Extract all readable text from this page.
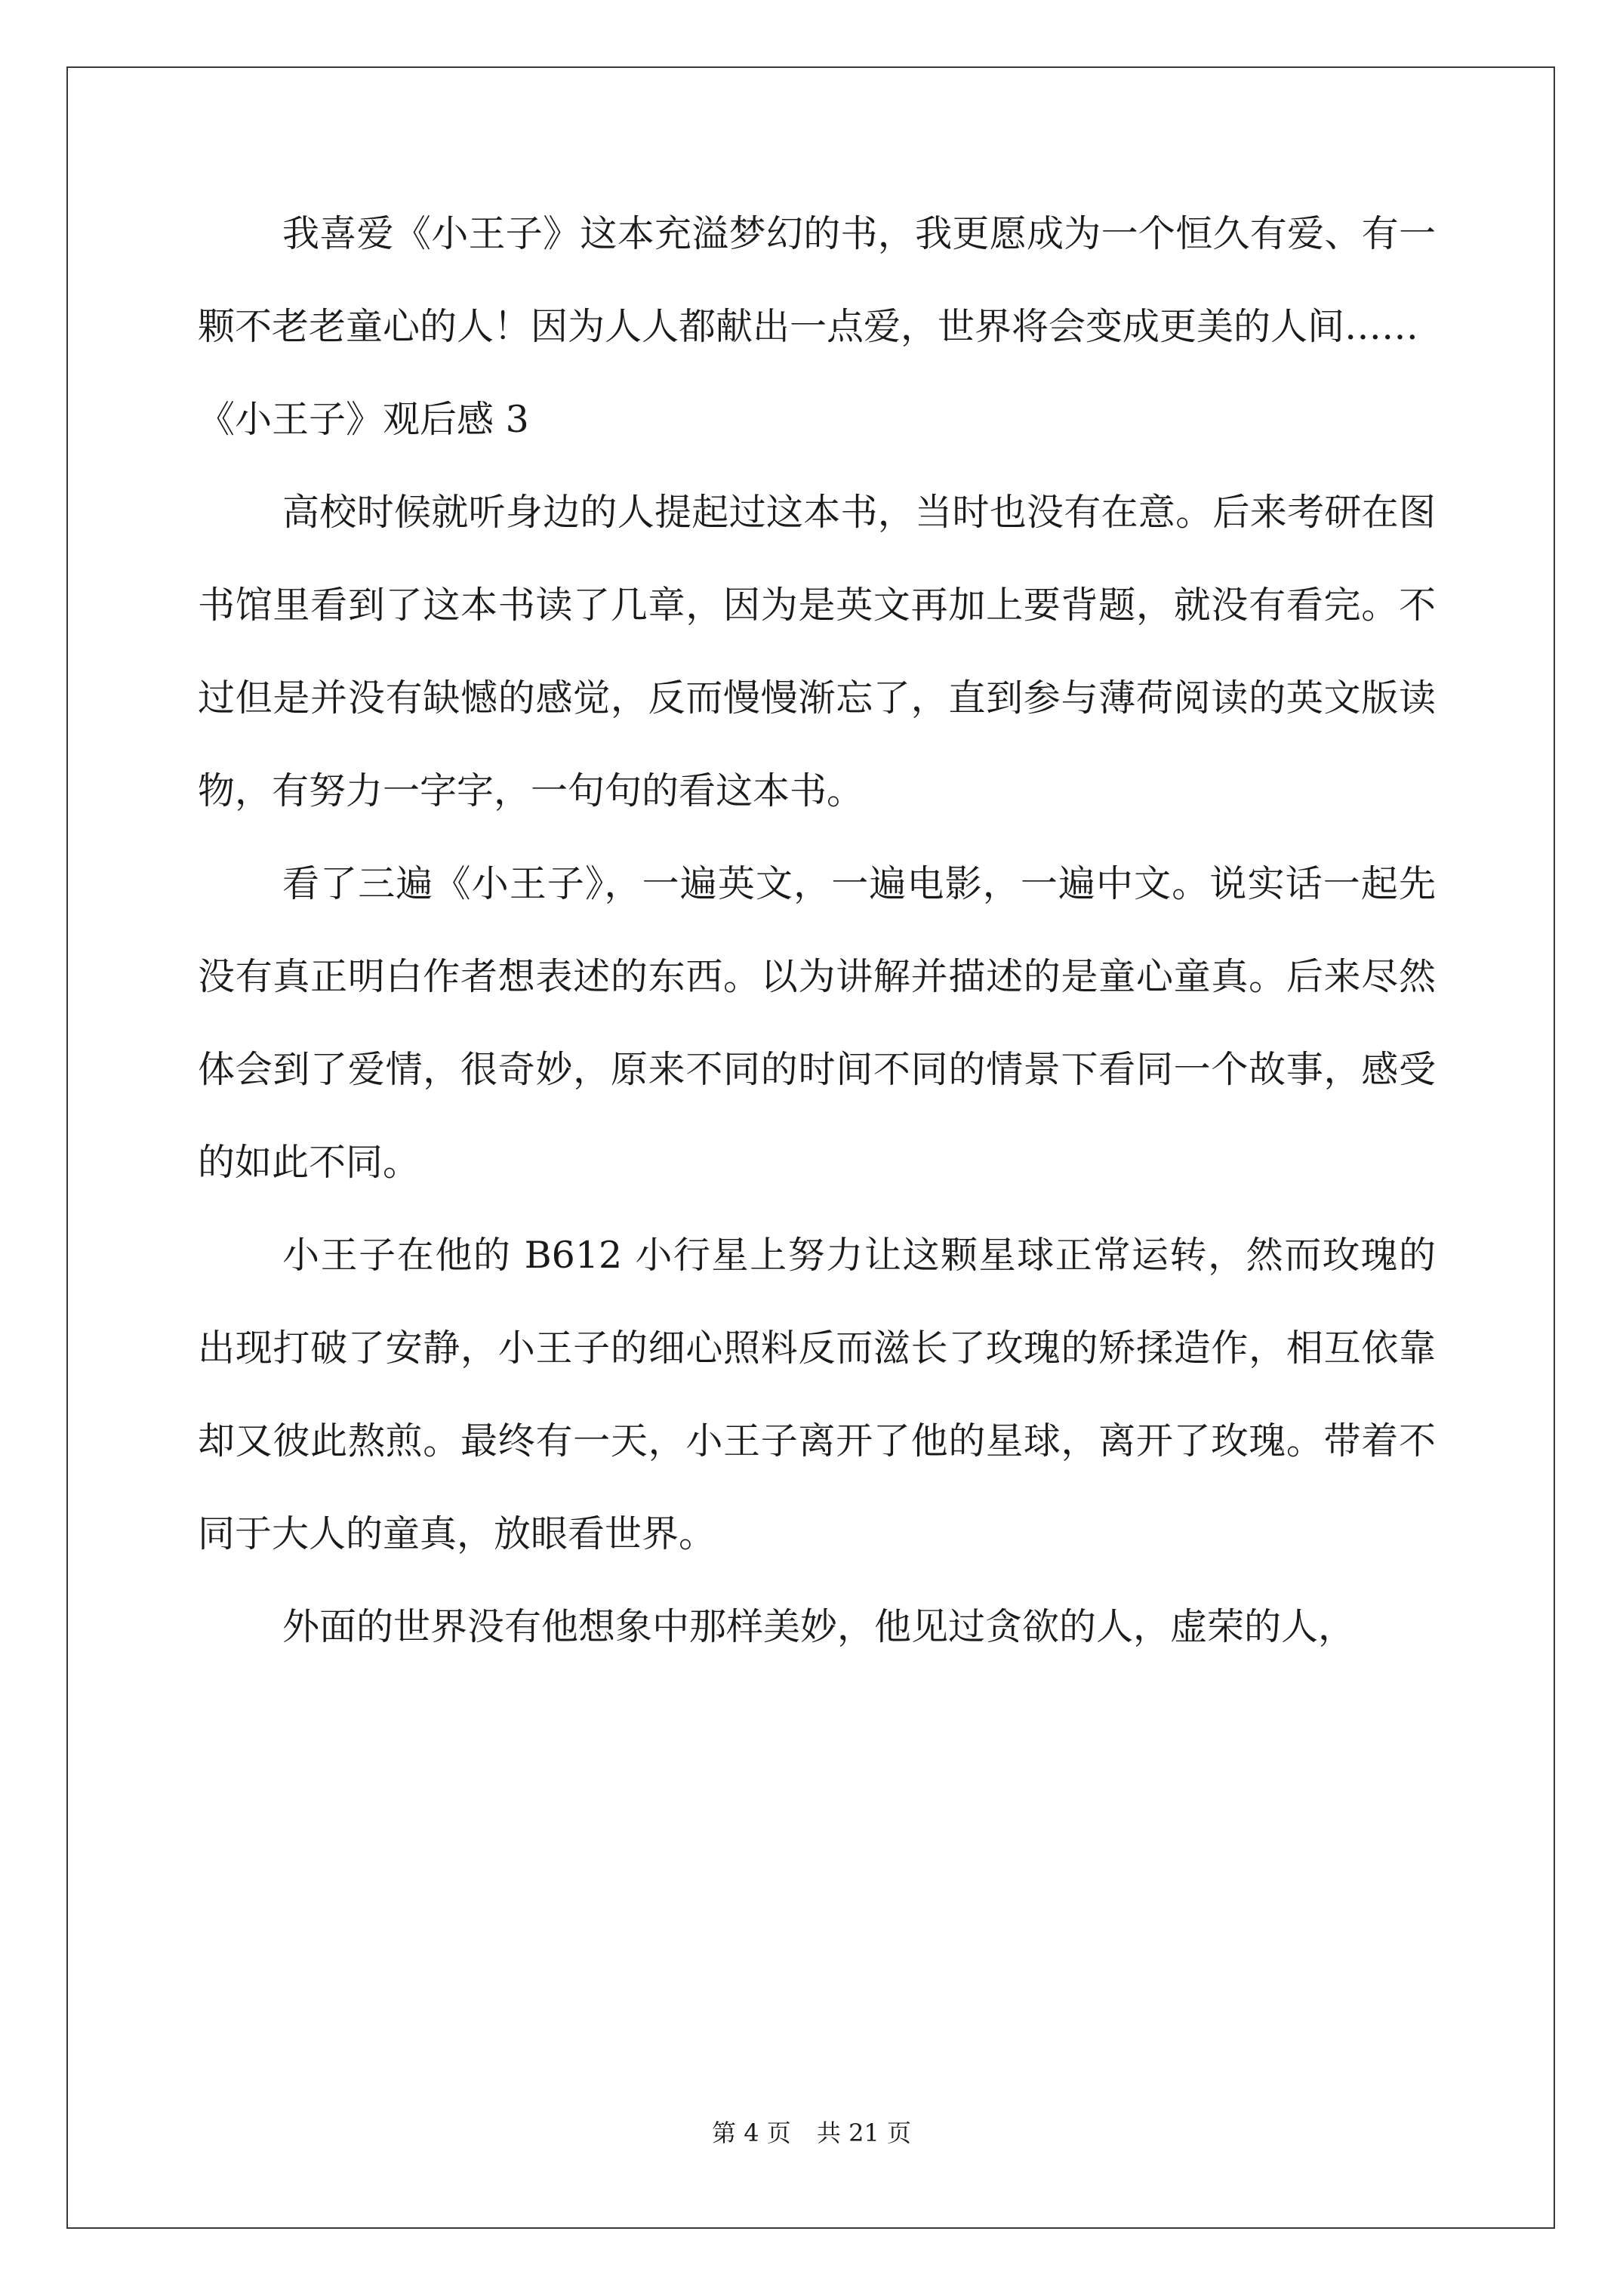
我喜爱《小王子》这本充溢梦幻的书，我更愿成为一个恒久有爱、有一颗不老老童心的人！因为人人都献出一点爱，世界将会变成更美的人间……

《小王子》观后感 3

高校时候就听身边的人提起过这本书，当时也没有在意。后来考研在图书馆里看到了这本书读了几章，因为是英文再加上要背题，就没有看完。不过但是并没有缺憾的感觉，反而慢慢渐忘了，直到参与薄荷阅读的英文版读物，有努力一字字，一句句的看这本书。

看了三遍《小王子》，一遍英文，一遍电影，一遍中文。说实话一起先没有真正明白作者想表述的东西。以为讲解并描述的是童心童真。后来尽然体会到了爱情，很奇妙，原来不同的时间不同的情景下看同一个故事，感受的如此不同。

小王子在他的 B612 小行星上努力让这颗星球正常运转，然而玫瑰的出现打破了安静，小王子的细心照料反而滋长了玫瑰的矫揉造作，相互依靠却又彼此熬煎。最终有一天，小王子离开了他的星球，离开了玫瑰。带着不同于大人的童真，放眼看世界。

外面的世界没有他想象中那样美妙，他见过贪欲的人，虚荣的人，

第 4 页 共 21 页
